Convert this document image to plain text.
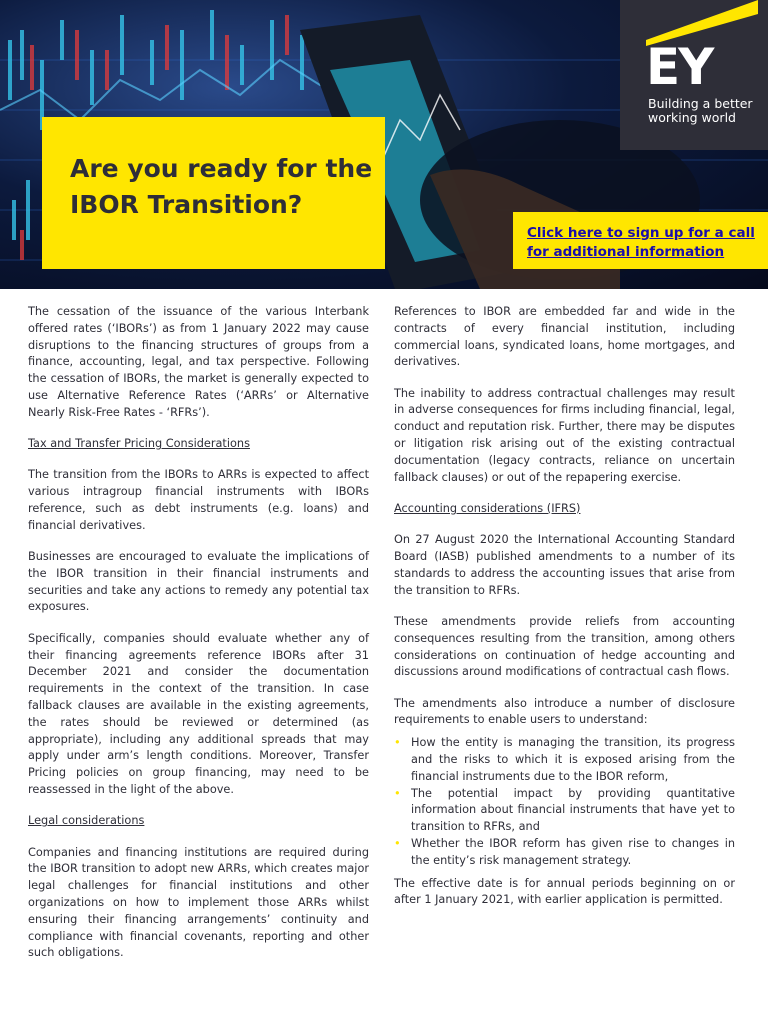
EY
Building a better
working world
Are you ready for the IBOR Transition?
Click here to sign up for a call
for additional information

The cessation of the issuance of the various Interbank offered rates (‘IBORs’) as from 1 January 2022 may cause disruptions to the financing structures of groups from a finance, accounting, legal, and tax perspective. Following the cessation of IBORs, the market is generally expected to use Alternative Reference Rates (‘ARRs’ or Alternative Nearly Risk-Free Rates - ‘RFRs’).

Tax and Transfer Pricing Considerations

The transition from the IBORs to ARRs is expected to affect various intragroup financial instruments with IBORs reference, such as debt instruments (e.g. loans) and financial derivatives.

Businesses are encouraged to evaluate the implications of the IBOR transition in their financial instruments and securities and take any actions to remedy any potential tax exposures.

Specifically, companies should evaluate whether any of their financing agreements reference IBORs after 31 December 2021 and consider the documentation requirements in the context of the transition. In case fallback clauses are available in the existing agreements, the rates should be reviewed or determined (as appropriate), including any additional spreads that may apply under arm’s length conditions. Moreover, Transfer Pricing policies on group financing, may need to be reassessed in the light of the above.

Legal considerations

Companies and financing institutions are required during the IBOR transition to adopt new ARRs, which creates major legal challenges for financial institutions and other organizations on how to implement those ARRs whilst ensuring their financing arrangements’ continuity and compliance with financial covenants, reporting and other such obligations.

References to IBOR are embedded far and wide in the contracts of every financial institution, including commercial loans, syndicated loans, home mortgages, and derivatives.

The inability to address contractual challenges may result in adverse consequences for firms including financial, legal, conduct and reputation risk. Further, there may be disputes or litigation risk arising out of the existing contractual documentation (legacy contracts, reliance on uncertain fallback clauses) or out of the repapering exercise.

Accounting considerations (IFRS)

On 27 August 2020 the International Accounting Standard Board (IASB) published amendments to a number of its standards to address the accounting issues that arise from the transition to RFRs.

These amendments provide reliefs from accounting consequences resulting from the transition, among others considerations on continuation of hedge accounting and discussions around modifications of contractual cash flows.

The amendments also introduce a number of disclosure requirements to enable users to understand:

• How the entity is managing the transition, its progress and the risks to which it is exposed arising from the financial instruments due to the IBOR reform,
• The potential impact by providing quantitative information about financial instruments that have yet to transition to RFRs, and
• Whether the IBOR reform has given rise to changes in the entity’s risk management strategy.

The effective date is for annual periods beginning on or after 1 January 2021, with earlier application is permitted.
